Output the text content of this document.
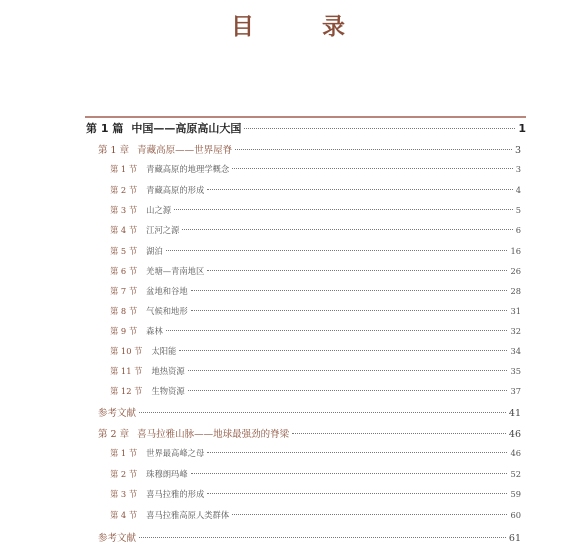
目 录
第 1 篇 中国——高原高山大国	1
第 1 章 青藏高原——世界屋脊	3
第 1 节 青藏高原的地理学概念	3
第 2 节 青藏高原的形成	4
第 3 节 山之源	5
第 4 节 江河之源	6
第 5 节 湖泊	16
第 6 节 羌塘—青南地区	26
第 7 节 盆地和谷地	28
第 8 节 气候和地形	31
第 9 节 森林	32
第 10 节 太阳能	34
第 11 节 地热资源	35
第 12 节 生物资源	37
参考文献	41
第 2 章 喜马拉雅山脉——地球最强劲的脊梁	46
第 1 节 世界最高峰之母	46
第 2 节 珠穆朗玛峰	52
第 3 节 喜马拉雅的形成	59
第 4 节 喜马拉雅高原人类群体	60
参考文献	61
